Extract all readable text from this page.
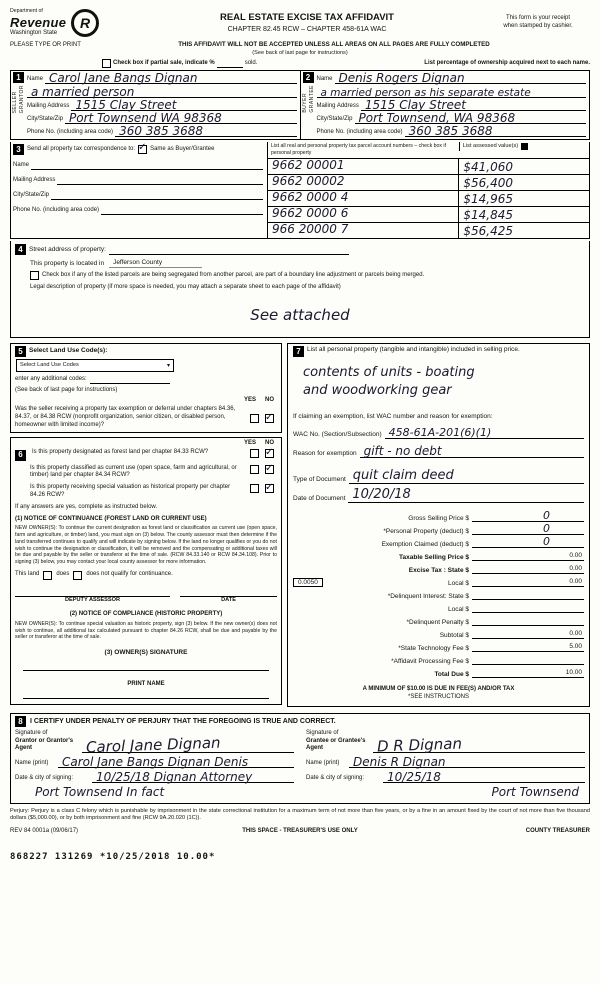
Department of
Revenue
Washington State
R	REAL ESTATE EXCISE TAX AFFIDAVIT
CHAPTER 82.45 RCW – CHAPTER 458-61A WAC
This form is your receipt
when stamped by cashier.
PLEASE TYPE OR PRINT	THIS AFFIDAVIT WILL NOT BE ACCEPTED UNLESS ALL AREAS ON ALL PAGES ARE FULLY COMPLETED
(See back of last page for instructions)
Check box if partial sale, indicate %	sold.	List percentage of ownership acquired next to each name.
1
SELLER GRANTOR
Name Carol Jane Bangs Dignan
a married person
Mailing Address 1515 Clay Street
City/State/Zip Port Townsend WA 98368
Phone No. (including area code) 360 385 3688
2
BUYER GRANTEE
Name Denis Rogers Dignan
a married person as his separate estate
Mailing Address 1515 Clay Street
City/State/Zip Port Townsend, WA 98368
Phone No. (including area code) 360 385 3688
3	Send all property tax correspondence to: ✓	Same as Buyer/Grantee
Name
Mailing Address
City/State/Zip
Phone No. (including area code)
List all real and personal property tax parcel account numbers – check box if personal property
List assessed value(s)
9662 00001	$41,060
9662 00002	$56,400
9662 0000 4	$14,965
9662 0000 6	$14,845
966 20000 7	$56,425
4 Street address of property:
This property is located in	Jefferson County
Check box if any of the listed parcels are being segregated from another parcel, are part of a boundary line adjustment or parcels being merged.
Legal description of property (if more space is needed, you may attach a separate sheet to each page of the affidavit)
See attached
5 Select Land Use Code(s):
Select Land Use Codes	▾
enter any additional codes:
(See back of last page for instructions)
YES NO
Was the seller receiving a property tax exemption or deferral under chapters 84.36, 84.37, or 84.38 RCW (nonprofit organization, senior citizen, or disabled person, homeowner with limited income)?
✓
YES NO
6	Is this property designated as forest land per chapter 84.33 RCW?
✓
Is this property classified as current use (open space, farm and agricultural, or timber) land per chapter 84.34 RCW?
✓
Is this property receiving special valuation as historical property per chapter 84.26 RCW?
✓
If any answers are yes, complete as instructed below.
(1) NOTICE OF CONTINUANCE (FOREST LAND OR CURRENT USE)
NEW OWNER(S): To continue the current designation as forest land or classification as current use (open space, farm and agriculture, or timber) land, you must sign on (3) below. The county assessor must then determine if the land transferred continues to qualify and will indicate by signing below. If the land no longer qualifies or you do not wish to continue the designation or classification, it will be removed and the compensating or additional taxes will be due and payable by the seller or transferor at the time of sale. (RCW 84.33.140 or RCW 84.34.108). Prior to signing (3) below, you may contact your local county assessor for more information.
This land	does	does not qualify for continuance.
DEPUTY ASSESSOR	DATE
(2) NOTICE OF COMPLIANCE (HISTORIC PROPERTY)
NEW OWNER(S): To continue special valuation as historic property, sign (3) below. If the new owner(s) does not wish to continue, all additional tax calculated pursuant to chapter 84.26 RCW, shall be due and payable by the seller or transferor at the time of sale.
(3) OWNER(S) SIGNATURE
PRINT NAME
7 List all personal property (tangible and intangible) included in selling price.
contents of units - boating
and woodworking gear
If claiming an exemption, list WAC number and reason for exemption:
WAC No. (Section/Subsection) 458-61A-201(6)(1)
Reason for exemption gift - no debt
Type of Document quit claim deed
Date of Document 10/20/18
Gross Selling Price $	0
*Personal Property (deduct) $	0
Exemption Claimed (deduct) $	0
Taxable Selling Price $	0.00
Excise Tax : State $	0.00
0.0050	Local $	0.00
*Delinquent Interest: State $
Local $
*Delinquent Penalty $
Subtotal $	0.00
*State Technology Fee $	5.00
*Affidavit Processing Fee $
Total Due $	10.00
A MINIMUM OF $10.00 IS DUE IN FEE(S) AND/OR TAX
*SEE INSTRUCTIONS
8	I CERTIFY UNDER PENALTY OF PERJURY THAT THE FOREGOING IS TRUE AND CORRECT.
Signature of
Grantor or Grantor's Agent	Carol Jane Dignan
Name (print)	Carol Jane Bangs Dignan Denis
Date & city of signing:	10/25/18 Dignan Attorney
Port Townsend In fact
Signature of
Grantee or Grantee's Agent	D R Dignan
Name (print)	Denis R Dignan
Date & city of signing:	10/25/18
Port Townsend
Perjury: Perjury is a class C felony which is punishable by imprisonment in the state correctional institution for a maximum term of not more than five years, or by a fine in an amount fixed by the court of not more than five thousand dollars ($5,000.00), or by both imprisonment and fine (RCW 9A.20.020 (1C)).
REV 84 0001a (09/06/17)	THIS SPACE - TREASURER'S USE ONLY	COUNTY TREASURER
868227 131269 *10/25/2018 10.00*
